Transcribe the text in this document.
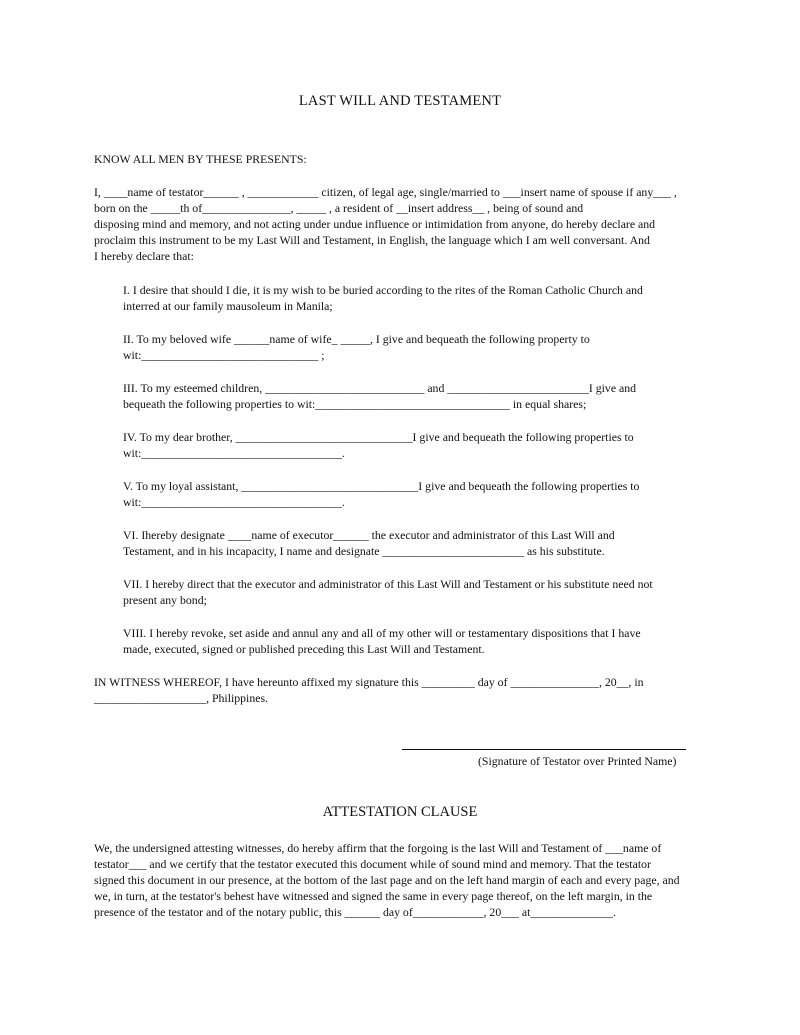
LAST WILL AND TESTAMENT
KNOW ALL MEN BY THESE PRESENTS:
I, ____name of testator______ , ____________ citizen, of legal age, single/married to ___insert name of spouse if any___ ,
born on the _____th of_______________, _____ , a resident of __insert address__ , being of sound and
disposing mind and memory, and not acting under undue influence or intimidation from anyone, do hereby declare and
proclaim this instrument to be my Last Will and Testament, in English, the language which I am well conversant. And
I hereby declare that:
I. I desire that should I die, it is my wish to be buried according to the rites of the Roman Catholic Church and
interred at our family mausoleum in Manila;
II. To my beloved wife ______name of wife_ _____, I give and bequeath the following property to
wit:______________________________ ;
III. To my esteemed children, ___________________________ and ________________________I give and
bequeath the following properties to wit:_________________________________ in equal shares;
IV. To my dear brother, ______________________________I give and bequeath the following properties to
wit:__________________________________.
V. To my loyal assistant, ______________________________I give and bequeath the following properties to
wit:__________________________________.
VI. Ihereby designate ____name of executor______ the executor and administrator of this Last Will and
Testament, and in his incapacity, I name and designate ________________________ as his substitute.
VII. I hereby direct that the executor and administrator of this Last Will and Testament or his substitute need not
present any bond;
VIII. I hereby revoke, set aside and annul any and all of my other will or testamentary dispositions that I have
made, executed, signed or published preceding this Last Will and Testament.
IN WITNESS WHEREOF, I have hereunto affixed my signature this _________ day of _______________, 20__, in
___________________, Philippines.
(Signature of Testator over Printed Name)
ATTESTATION CLAUSE
We, the undersigned attesting witnesses, do hereby affirm that the forgoing is the last Will and Testament of ___name of
testator___ and we certify that the testator executed this document while of sound mind and memory. That the testator
signed this document in our presence, at the bottom of the last page and on the left hand margin of each and every page, and
we, in turn, at the testator's behest have witnessed and signed the same in every page thereof, on the left margin, in the
presence of the testator and of the notary public, this ______ day of____________, 20___ at______________.
